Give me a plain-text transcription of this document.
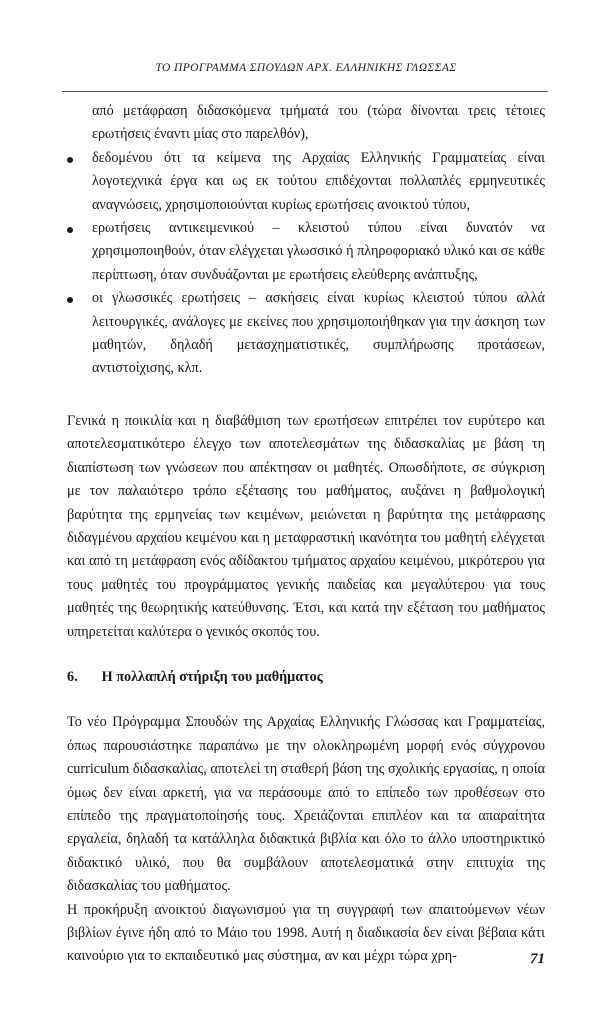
ΤΟ ΠΡΟΓΡΑΜΜΑ ΣΠΟΥΔΩΝ ΑΡΧ. ΕΛΛΗΝΙΚΗΣ ΓΛΩΣΣΑΣ
από μετάφραση διδασκόμενα τμήματά του (τώρα δίνονται τρεις τέτοιες ερωτήσεις έναντι μίας στο παρελθόν),
δεδομένου ότι τα κείμενα της Αρχαίας Ελληνικής Γραμματείας είναι λογοτεχνικά έργα και ως εκ τούτου επιδέχονται πολλαπλές ερμηνευτικές αναγνώσεις, χρησιμοποιούνται κυρίως ερωτήσεις ανοικτού τύπου,
ερωτήσεις αντικειμενικού – κλειστού τύπου είναι δυνατόν να χρησιμοποιηθούν, όταν ελέγχεται γλωσσικό ή πληροφοριακό υλικό και σε κάθε περίπτωση, όταν συνδυάζονται με ερωτήσεις ελεύθερης ανάπτυξης,
οι γλωσσικές ερωτήσεις – ασκήσεις είναι κυρίως κλειστού τύπου αλλά λειτουργικές, ανάλογες με εκείνες που χρησιμοποιήθηκαν για την άσκηση των μαθητών, δηλαδή μετασχηματιστικές, συμπλήρωσης προτάσεων, αντιστοίχισης, κλπ.

Γενικά η ποικιλία και η διαβάθμιση των ερωτήσεων επιτρέπει τον ευρύτερο και αποτελεσματικότερο έλεγχο των αποτελεσμάτων της διδασκαλίας με βάση τη διαπίστωση των γνώσεων που απέκτησαν οι μαθητές. Οπωσδήποτε, σε σύγκριση με τον παλαιότερο τρόπο εξέτασης του μαθήματος, αυξάνει η βαθμολογική βαρύτητα της ερμηνείας των κειμένων, μειώνεται η βαρύτητα της μετάφρασης διδαγμένου αρχαίου κειμένου και η μεταφραστική ικανότητα του μαθητή ελέγχεται και από τη μετάφραση ενός αδίδακτου τμήματος αρχαίου κειμένου, μικρότερου για τους μαθητές του προγράμματος γενικής παιδείας και μεγαλύτερου για τους μαθητές της θεωρητικής κατεύθυνσης. Έτσι, και κατά την εξέταση του μαθήματος υπηρετείται καλύτερα ο γενικός σκοπός του.

6. Η πολλαπλή στήριξη του μαθήματος

Το νέο Πρόγραμμα Σπουδών της Αρχαίας Ελληνικής Γλώσσας και Γραμματείας, όπως παρουσιάστηκε παραπάνω με την ολοκληρωμένη μορφή ενός σύγχρονου curriculum διδασκαλίας, αποτελεί τη σταθερή βάση της σχολικής εργασίας, η οποία όμως δεν είναι αρκετή, για να περάσουμε από το επίπεδο των προθέσεων στο επίπεδο της πραγματοποίησής τους. Χρειάζονται επιπλέον και τα απαραίτητα εργαλεία, δηλαδή τα κατάλληλα διδακτικά βιβλία και όλο το άλλο υποστηρικτικό διδακτικό υλικό, που θα συμβάλουν αποτελεσματικά στην επιτυχία της διδασκαλίας του μαθήματος.

Η προκήρυξη ανοικτού διαγωνισμού για τη συγγραφή των απαιτούμενων νέων βιβλίων έγινε ήδη από το Μάιο του 1998. Αυτή η διαδικασία δεν είναι βέβαια κάτι καινούριο για το εκπαιδευτικό μας σύστημα, αν και μέχρι τώρα χρη-	71
